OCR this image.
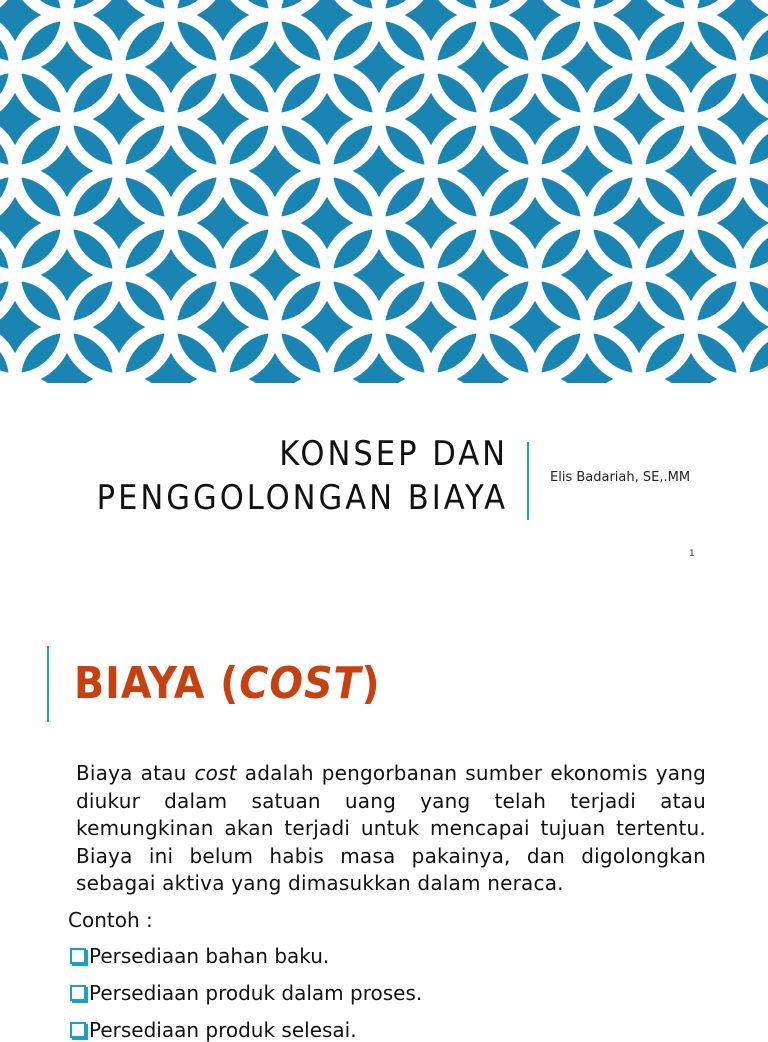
KONSEP DAN
PENGGOLONGAN BIAYA
Elis Badariah, SE,.MM
1
BIAYA (COST)
Biaya atau cost adalah pengorbanan sumber ekonomis yang
diukur dalam satuan uang yang telah terjadi atau
kemungkinan akan terjadi untuk mencapai tujuan tertentu.
Biaya ini belum habis masa pakainya, dan digolongkan
sebagai aktiva yang dimasukkan dalam neraca.
Contoh :
Persediaan bahan baku.
Persediaan produk dalam proses.
Persediaan produk selesai.
